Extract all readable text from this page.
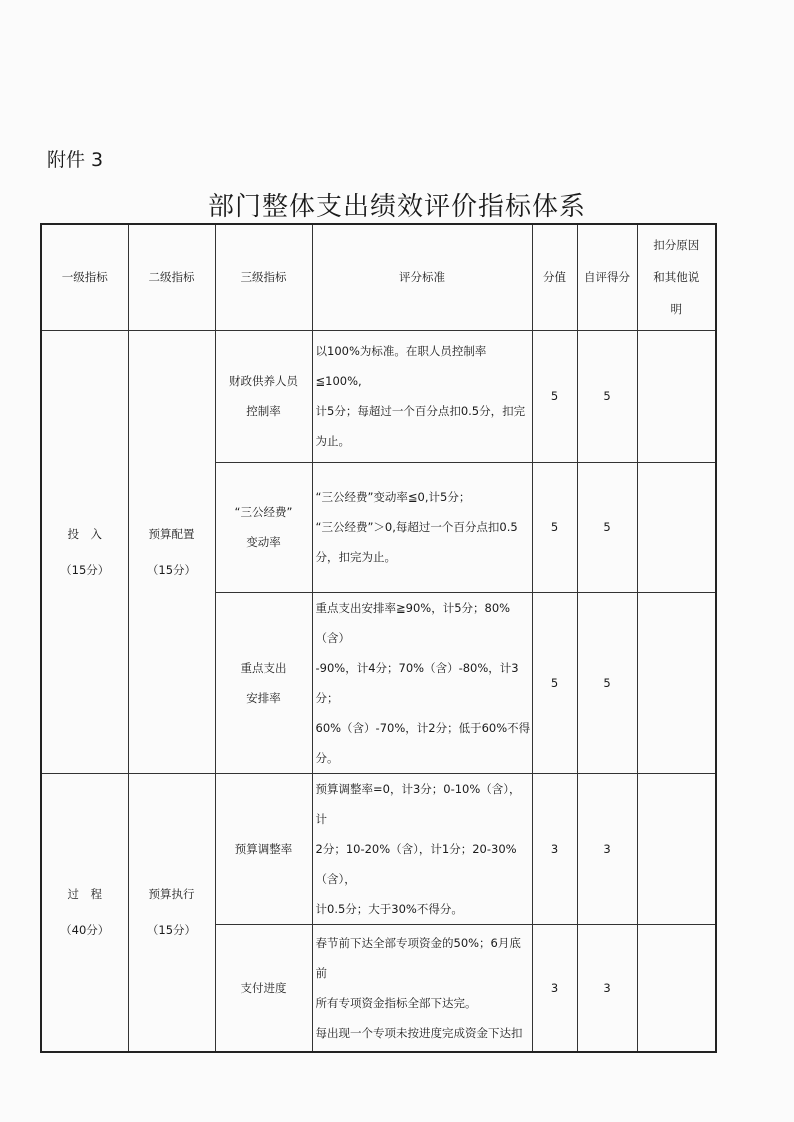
附件 3
部门整体支出绩效评价指标体系
一级指标	二级指标	三级指标	评分标准	分值	自评得分	扣分原因和其他说明

投　入
（15分）	预算配置
（15分）	财政供养人员
控制率	以100%为标准。在职人员控制率≦100%,
计5分；每超过一个百分点扣0.5分，扣完
为止。	5	5	

		“三公经费”
变动率	“三公经费”变动率≦0,计5分；
“三公经费”＞0,每超过一个百分点扣0.5
分，扣完为止。	5	5	

		重点支出
安排率	重点支出安排率≧90%，计5分；80%（含）
-90%，计4分；70%（含）-80%，计3分；
60%（含）-70%，计2分；低于60%不得分。	5	5	

过　程
（40分）	预算执行
（15分）	预算调整率	预算调整率=0，计3分；0-10%（含），计
2分；10-20%（含），计1分；20-30%（含），
计0.5分；大于30%不得分。	3	3	

		支付进度	春节前下达全部专项资金的50%；6月底前
所有专项资金指标全部下达完。
每出现一个专项未按进度完成资金下达扣	3	3	
